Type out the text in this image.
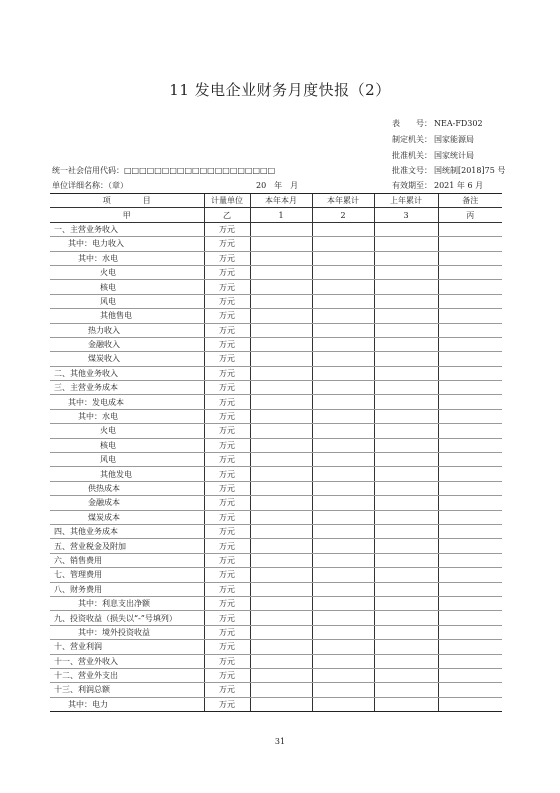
11 发电企业财务月度快报（2）
表　　号： NEA-FD302
制定机关： 国家能源局
批准机关： 国家统计局
批准文号： 国统制[2018]75 号
有效期至： 2021 年 6 月
统一社会信用代码：□□□□□□□□□□□□□□□□□□□□
单位详细名称：（章）	20　年　月
项　　　　目	计量单位	本年本月	本年累计	上年累计	备注
甲	乙	1	2	3	丙
一、主营业务收入	万元				
其中：电力收入	万元				
其中：水电	万元				
火电	万元				
核电	万元				
风电	万元				
其他售电	万元				
热力收入	万元				
金融收入	万元				
煤炭收入	万元				
二、其他业务收入	万元				
三、主营业务成本	万元				
其中：发电成本	万元				
其中：水电	万元				
火电	万元				
核电	万元				
风电	万元				
其他发电	万元				
供热成本	万元				
金融成本	万元				
煤炭成本	万元				
四、其他业务成本	万元				
五、营业税金及附加	万元				
六、销售费用	万元				
七、管理费用	万元				
八、财务费用	万元				
其中：利息支出净额	万元				
九、投资收益（损失以“-”号填列）	万元				
其中：境外投资收益	万元				
十、营业利润	万元				
十一、营业外收入	万元				
十二、营业外支出	万元				
十三、利润总额	万元				
其中：电力	万元				
31
